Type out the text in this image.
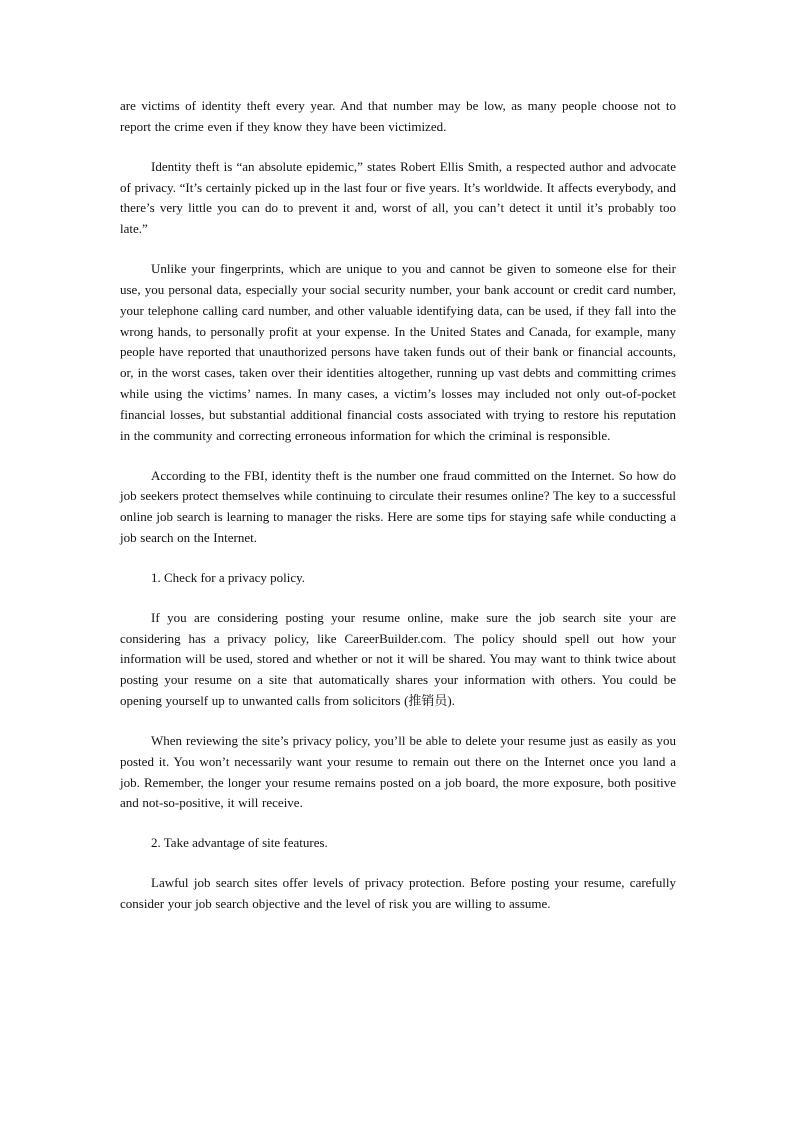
are victims of identity theft every year. And that number may be low, as many people choose not to report the crime even if they know they have been victimized.

Identity theft is “an absolute epidemic,” states Robert Ellis Smith, a respected author and advocate of privacy. “It’s certainly picked up in the last four or five years. It’s worldwide. It affects everybody, and there’s very little you can do to prevent it and, worst of all, you can’t detect it until it’s probably too late.”

Unlike your fingerprints, which are unique to you and cannot be given to someone else for their use, you personal data, especially your social security number, your bank account or credit card number, your telephone calling card number, and other valuable identifying data, can be used, if they fall into the wrong hands, to personally profit at your expense. In the United States and Canada, for example, many people have reported that unauthorized persons have taken funds out of their bank or financial accounts, or, in the worst cases, taken over their identities altogether, running up vast debts and committing crimes while using the victims’ names. In many cases, a victim’s losses may included not only out-of-pocket financial losses, but substantial additional financial costs associated with trying to restore his reputation in the community and correcting erroneous information for which the criminal is responsible.

According to the FBI, identity theft is the number one fraud committed on the Internet. So how do job seekers protect themselves while continuing to circulate their resumes online? The key to a successful online job search is learning to manager the risks. Here are some tips for staying safe while conducting a job search on the Internet.

1. Check for a privacy policy.

If you are considering posting your resume online, make sure the job search site your are considering has a privacy policy, like CareerBuilder.com. The policy should spell out how your information will be used, stored and whether or not it will be shared. You may want to think twice about posting your resume on a site that automatically shares your information with others. You could be opening yourself up to unwanted calls from solicitors (推销员).

When reviewing the site’s privacy policy, you’ll be able to delete your resume just as easily as you posted it. You won’t necessarily want your resume to remain out there on the Internet once you land a job. Remember, the longer your resume remains posted on a job board, the more exposure, both positive and not-so-positive, it will receive.

2. Take advantage of site features.

Lawful job search sites offer levels of privacy protection. Before posting your resume, carefully consider your job search objective and the level of risk you are willing to assume.
